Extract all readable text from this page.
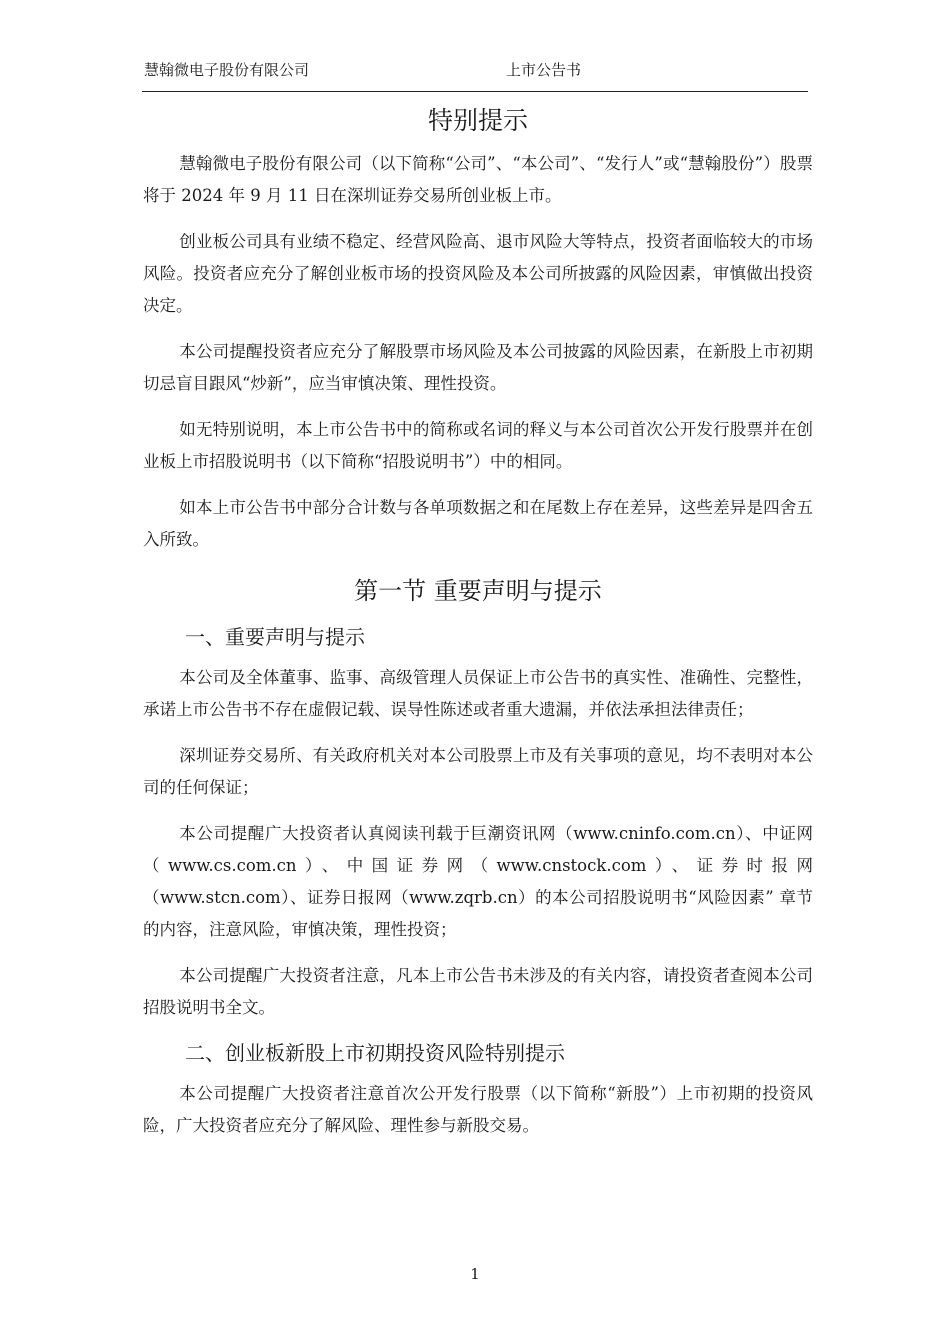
慧翰微电子股份有限公司	上市公告书
特别提示

慧翰微电子股份有限公司（以下简称“公司”、“本公司”、“发行人”或“慧翰股份”）股票将于 2024 年 9 月 11 日在深圳证券交易所创业板上市。

创业板公司具有业绩不稳定、经营风险高、退市风险大等特点，投资者面临较大的市场风险。投资者应充分了解创业板市场的投资风险及本公司所披露的风险因素，审慎做出投资决定。

本公司提醒投资者应充分了解股票市场风险及本公司披露的风险因素，在新股上市初期切忌盲目跟风“炒新”，应当审慎决策、理性投资。

如无特别说明，本上市公告书中的简称或名词的释义与本公司首次公开发行股票并在创业板上市招股说明书（以下简称“招股说明书”）中的相同。

如本上市公告书中部分合计数与各单项数据之和在尾数上存在差异，这些差异是四舍五入所致。

第一节 重要声明与提示
一、重要声明与提示

本公司及全体董事、监事、高级管理人员保证上市公告书的真实性、准确性、完整性，承诺上市公告书不存在虚假记载、误导性陈述或者重大遗漏，并依法承担法律责任；

深圳证券交易所、有关政府机关对本公司股票上市及有关事项的意见，均不表明对本公司的任何保证；

本公司提醒广大投资者认真阅读刊载于巨潮资讯网（www.cninfo.com.cn）、中证网（www.cs.com.cn）、中国证券网（www.cnstock.com）、证券时报网（www.stcn.com）、证券日报网（www.zqrb.cn）的本公司招股说明书“风险因素” 章节的内容，注意风险，审慎决策，理性投资；

本公司提醒广大投资者注意，凡本上市公告书未涉及的有关内容，请投资者查阅本公司招股说明书全文。

二、创业板新股上市初期投资风险特别提示

本公司提醒广大投资者注意首次公开发行股票（以下简称“新股”）上市初期的投资风险，广大投资者应充分了解风险、理性参与新股交易。

1
